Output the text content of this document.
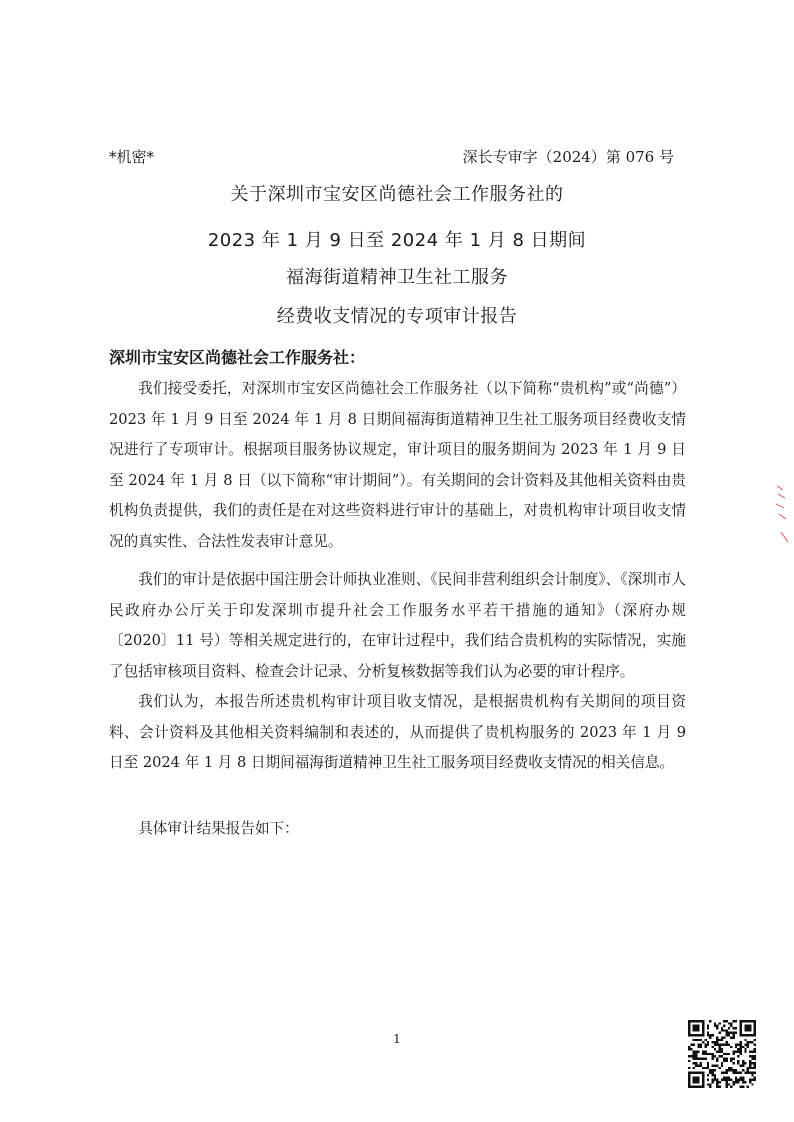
*机密*	深长专审字（2024）第 076 号
关于深圳市宝安区尚德社会工作服务社的
2023 年 1 月 9 日至 2024 年 1 月 8 日期间
福海街道精神卫生社工服务
经费收支情况的专项审计报告
深圳市宝安区尚德社会工作服务社：

我们接受委托，对深圳市宝安区尚德社会工作服务社（以下简称“贵机构”或“尚德”） 2023 年 1 月 9 日至 2024 年 1 月 8 日期间福海街道精神卫生社工服务项目经费收支情况进行了专项审计。根据项目服务协议规定，审计项目的服务期间为 2023 年 1 月 9 日至 2024 年 1 月 8 日（以下简称“审计期间”）。有关期间的会计资料及其他相关资料由贵机构负责提供，我们的责任是在对这些资料进行审计的基础上，对贵机构审计项目收支情况的真实性、合法性发表审计意见。

我们的审计是依据中国注册会计师执业准则、《民间非营利组织会计制度》、《深圳市人民政府办公厅关于印发深圳市提升社会工作服务水平若干措施的通知》（深府办规〔2020〕11 号）等相关规定进行的，在审计过程中，我们结合贵机构的实际情况，实施了包括审核项目资料、检查会计记录、分析复核数据等我们认为必要的审计程序。

我们认为，本报告所述贵机构审计项目收支情况，是根据贵机构有关期间的项目资料、会计资料及其他相关资料编制和表述的，从而提供了贵机构服务的 2023 年 1 月 9 日至 2024 年 1 月 8 日期间福海街道精神卫生社工服务项目经费收支情况的相关信息。

具体审计结果报告如下：

1
